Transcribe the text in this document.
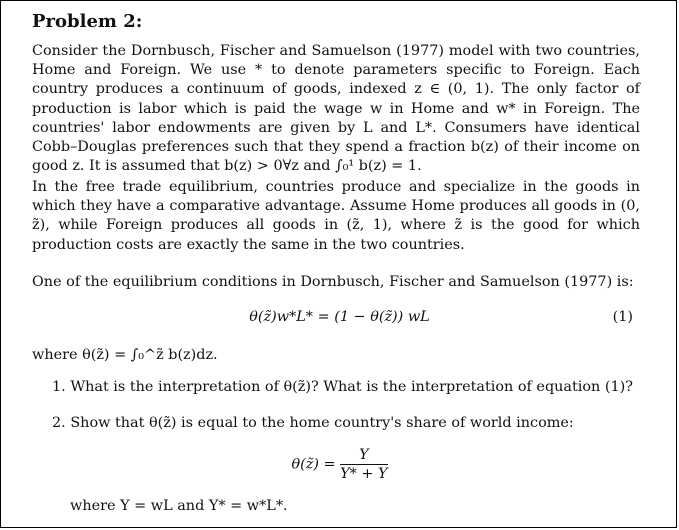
Problem 2:

Consider the Dornbusch, Fischer and Samuelson (1977) model with two countries, Home and Foreign. We use * to denote parameters specific to Foreign. Each country produces a continuum of goods, indexed z ∈ (0, 1). The only factor of production is labor which is paid the wage w in Home and w* in Foreign. The countries' labor endowments are given by L and L*. Consumers have identical Cobb–Douglas preferences such that they spend a fraction b(z) of their income on good z. It is assumed that b(z) > 0∀z and ∫₀¹ b(z) = 1.

In the free trade equilibrium, countries produce and specialize in the goods in which they have a comparative advantage. Assume Home produces all goods in (0, z̃), while Foreign produces all goods in (z̃, 1), where z̃ is the good for which production costs are exactly the same in the two countries.

One of the equilibrium conditions in Dornbusch, Fischer and Samuelson (1977) is:

θ(z̃)w*L* = (1 − θ(z̃)) wL	(1)
where θ(z̃) = ∫₀^z̃ b(z)dz.
1. What is the interpretation of θ(z̃)? What is the interpretation of equation (1)?
2. Show that θ(z̃) is equal to the home country's share of world income:
θ(z̃) = $\frac{Y}{Y* + Y}$
where Y = wL and Y* = w*L*.
